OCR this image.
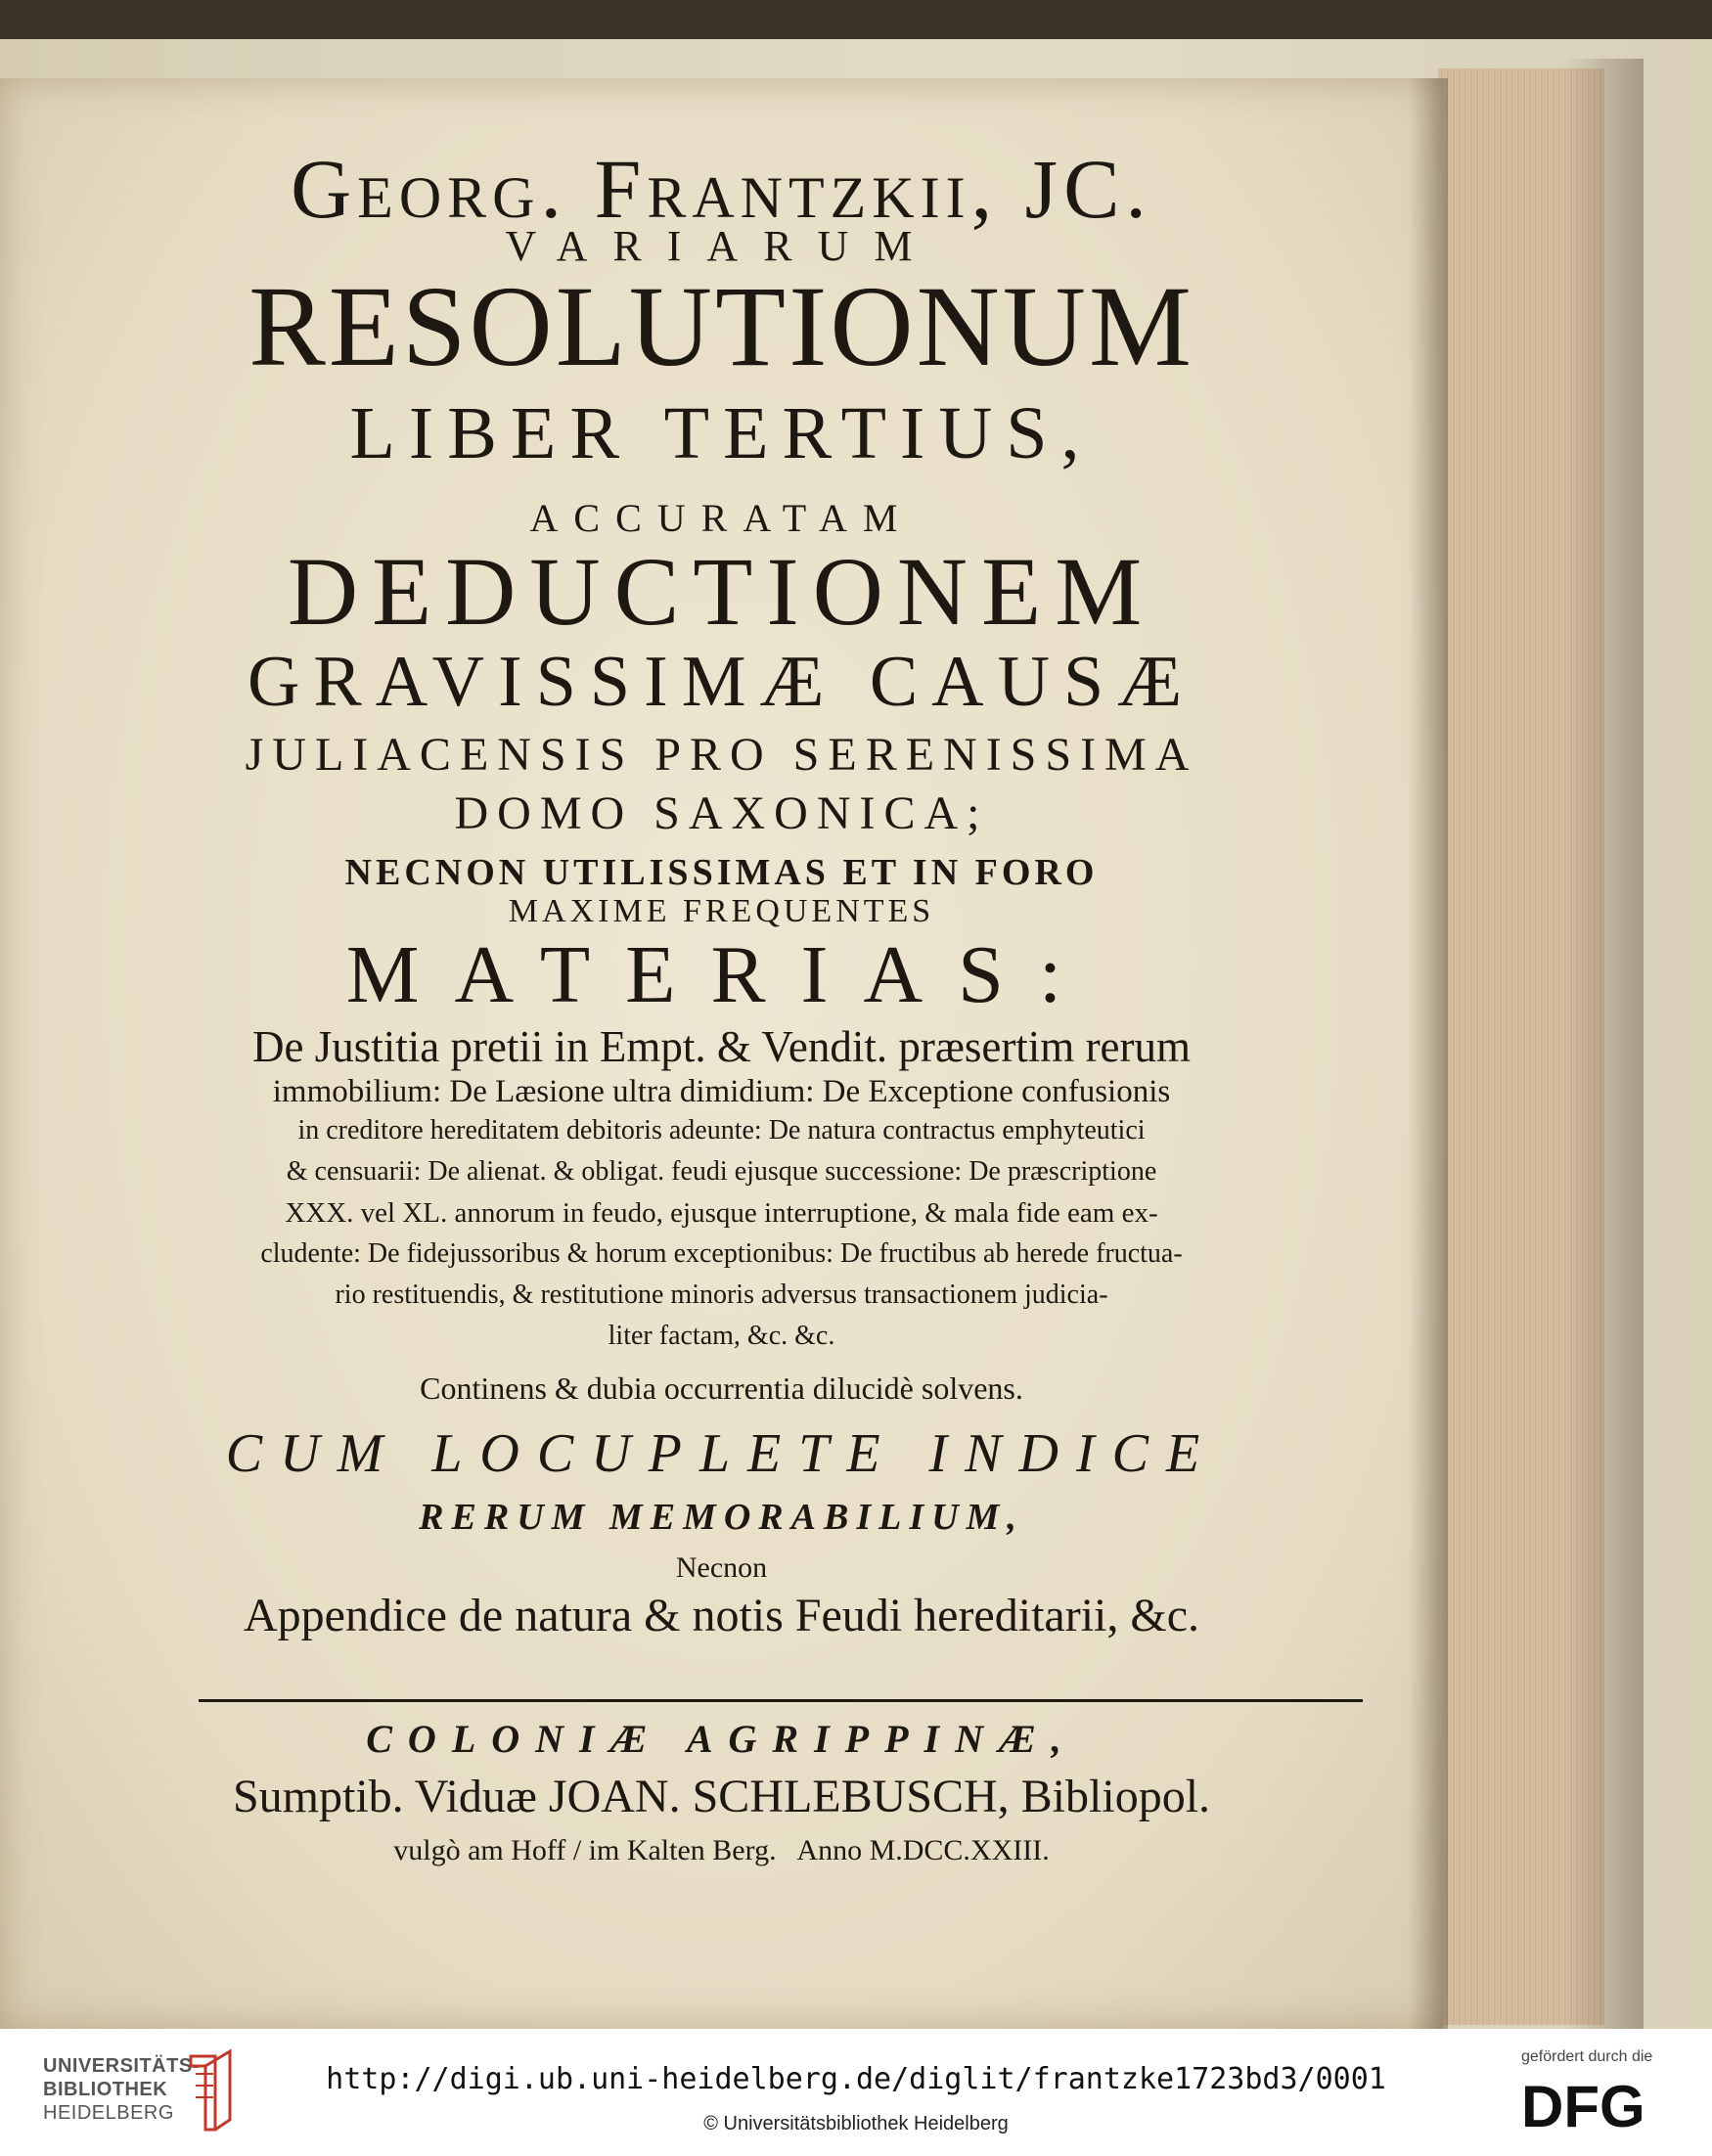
Georg. Frantzkii, JC.
VARIARUM
RESOLUTIONUM
LIBER TERTIUS,
ACCURATAM
DEDUCTIONEM
GRAVISSIMÆ CAUSÆ
JULIACENSIS PRO SERENISSIMA
DOMO SAXONICA;
NECNON UTILISSIMAS ET IN FORO
MAXIME FREQUENTES
MATERIAS:
De Justitia pretii in Empt. & Vendit. præsertim rerum
immobilium: De Læsione ultra dimidium: De Exceptione confusionis
in creditore hereditatem debitoris adeunte: De natura contractus emphyteutici
& censuarii: De alienat. & obligat. feudi ejusque successione: De præscriptione
XXX. vel XL. annorum in feudo, ejusque interruptione, & mala fide eam ex-
cludente: De fidejussoribus & horum exceptionibus: De fructibus ab herede fructua-
rio restituendis, & restitutione minoris adversus transactionem judicia-
liter factam, &c. &c.
Continens & dubia occurrentia dilucidè solvens.
CUM LOCUPLETE INDICE
RERUM MEMORABILIUM,
Necnon
Appendice de natura & notis Feudi hereditarii, &c.
COLONIÆ AGRIPPINÆ,
Sumptib. Viduæ JOAN. SCHLEBUSCH, Bibliopol.
vulgò am Hoff / im Kalten Berg.   Anno M.DCC.XXIII.
UNIVERSITÄTS-
BIBLIOTHEK
HEIDELBERG
http://digi.ub.uni-heidelberg.de/diglit/frantzke1723bd3/0001
© Universitätsbibliothek Heidelberg
gefördert durch die
DFG
